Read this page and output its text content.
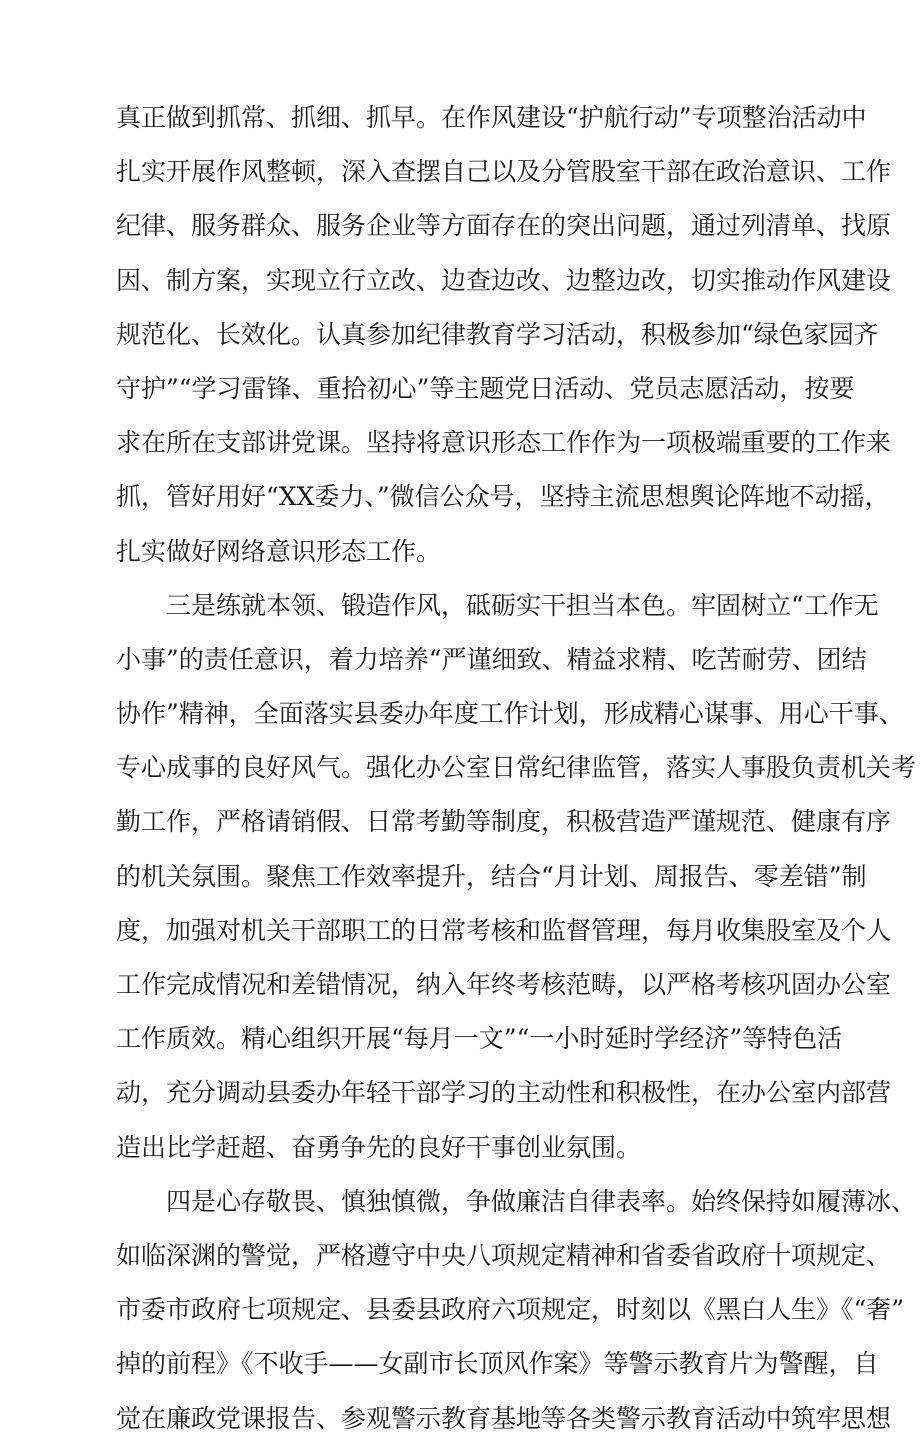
真正做到抓常、抓细、抓早。在作风建设“护航行动”专项整治活动中
扎实开展作风整顿，深入查摆自己以及分管股室干部在政治意识、工作
纪律、服务群众、服务企业等方面存在的突出问题，通过列清单、找原
因、制方案，实现立行立改、边查边改、边整边改，切实推动作风建设
规范化、长效化。认真参加纪律教育学习活动，积极参加“绿色家园齐
守护”“学习雷锋、重拾初心”等主题党日活动、党员志愿活动，按要
求在所在支部讲党课。坚持将意识形态工作作为一项极端重要的工作来
抓，管好用好“XX委力、”微信公众号，坚持主流思想舆论阵地不动摇，
扎实做好网络意识形态工作。
三是练就本领、锻造作风，砥砺实干担当本色。牢固树立“工作无
小事”的责任意识，着力培养“严谨细致、精益求精、吃苦耐劳、团结
协作”精神，全面落实县委办年度工作计划，形成精心谋事、用心干事、
专心成事的良好风气。强化办公室日常纪律监管，落实人事股负责机关考
勤工作，严格请销假、日常考勤等制度，积极营造严谨规范、健康有序
的机关氛围。聚焦工作效率提升，结合“月计划、周报告、零差错”制
度，加强对机关干部职工的日常考核和监督管理，每月收集股室及个人
工作完成情况和差错情况，纳入年终考核范畴，以严格考核巩固办公室
工作质效。精心组织开展“每月一文”“一小时延时学经济”等特色活
动，充分调动县委办年轻干部学习的主动性和积极性，在办公室内部营
造出比学赶超、奋勇争先的良好干事创业氛围。
四是心存敬畏、慎独慎微，争做廉洁自律表率。始终保持如履薄冰、
如临深渊的警觉，严格遵守中央八项规定精神和省委省政府十项规定、
市委市政府七项规定、县委县政府六项规定，时刻以《黑白人生》《“奢”
掉的前程》《不收手——女副市长顶风作案》等警示教育片为警醒，自
觉在廉政党课报告、参观警示教育基地等各类警示教育活动中筑牢思想
